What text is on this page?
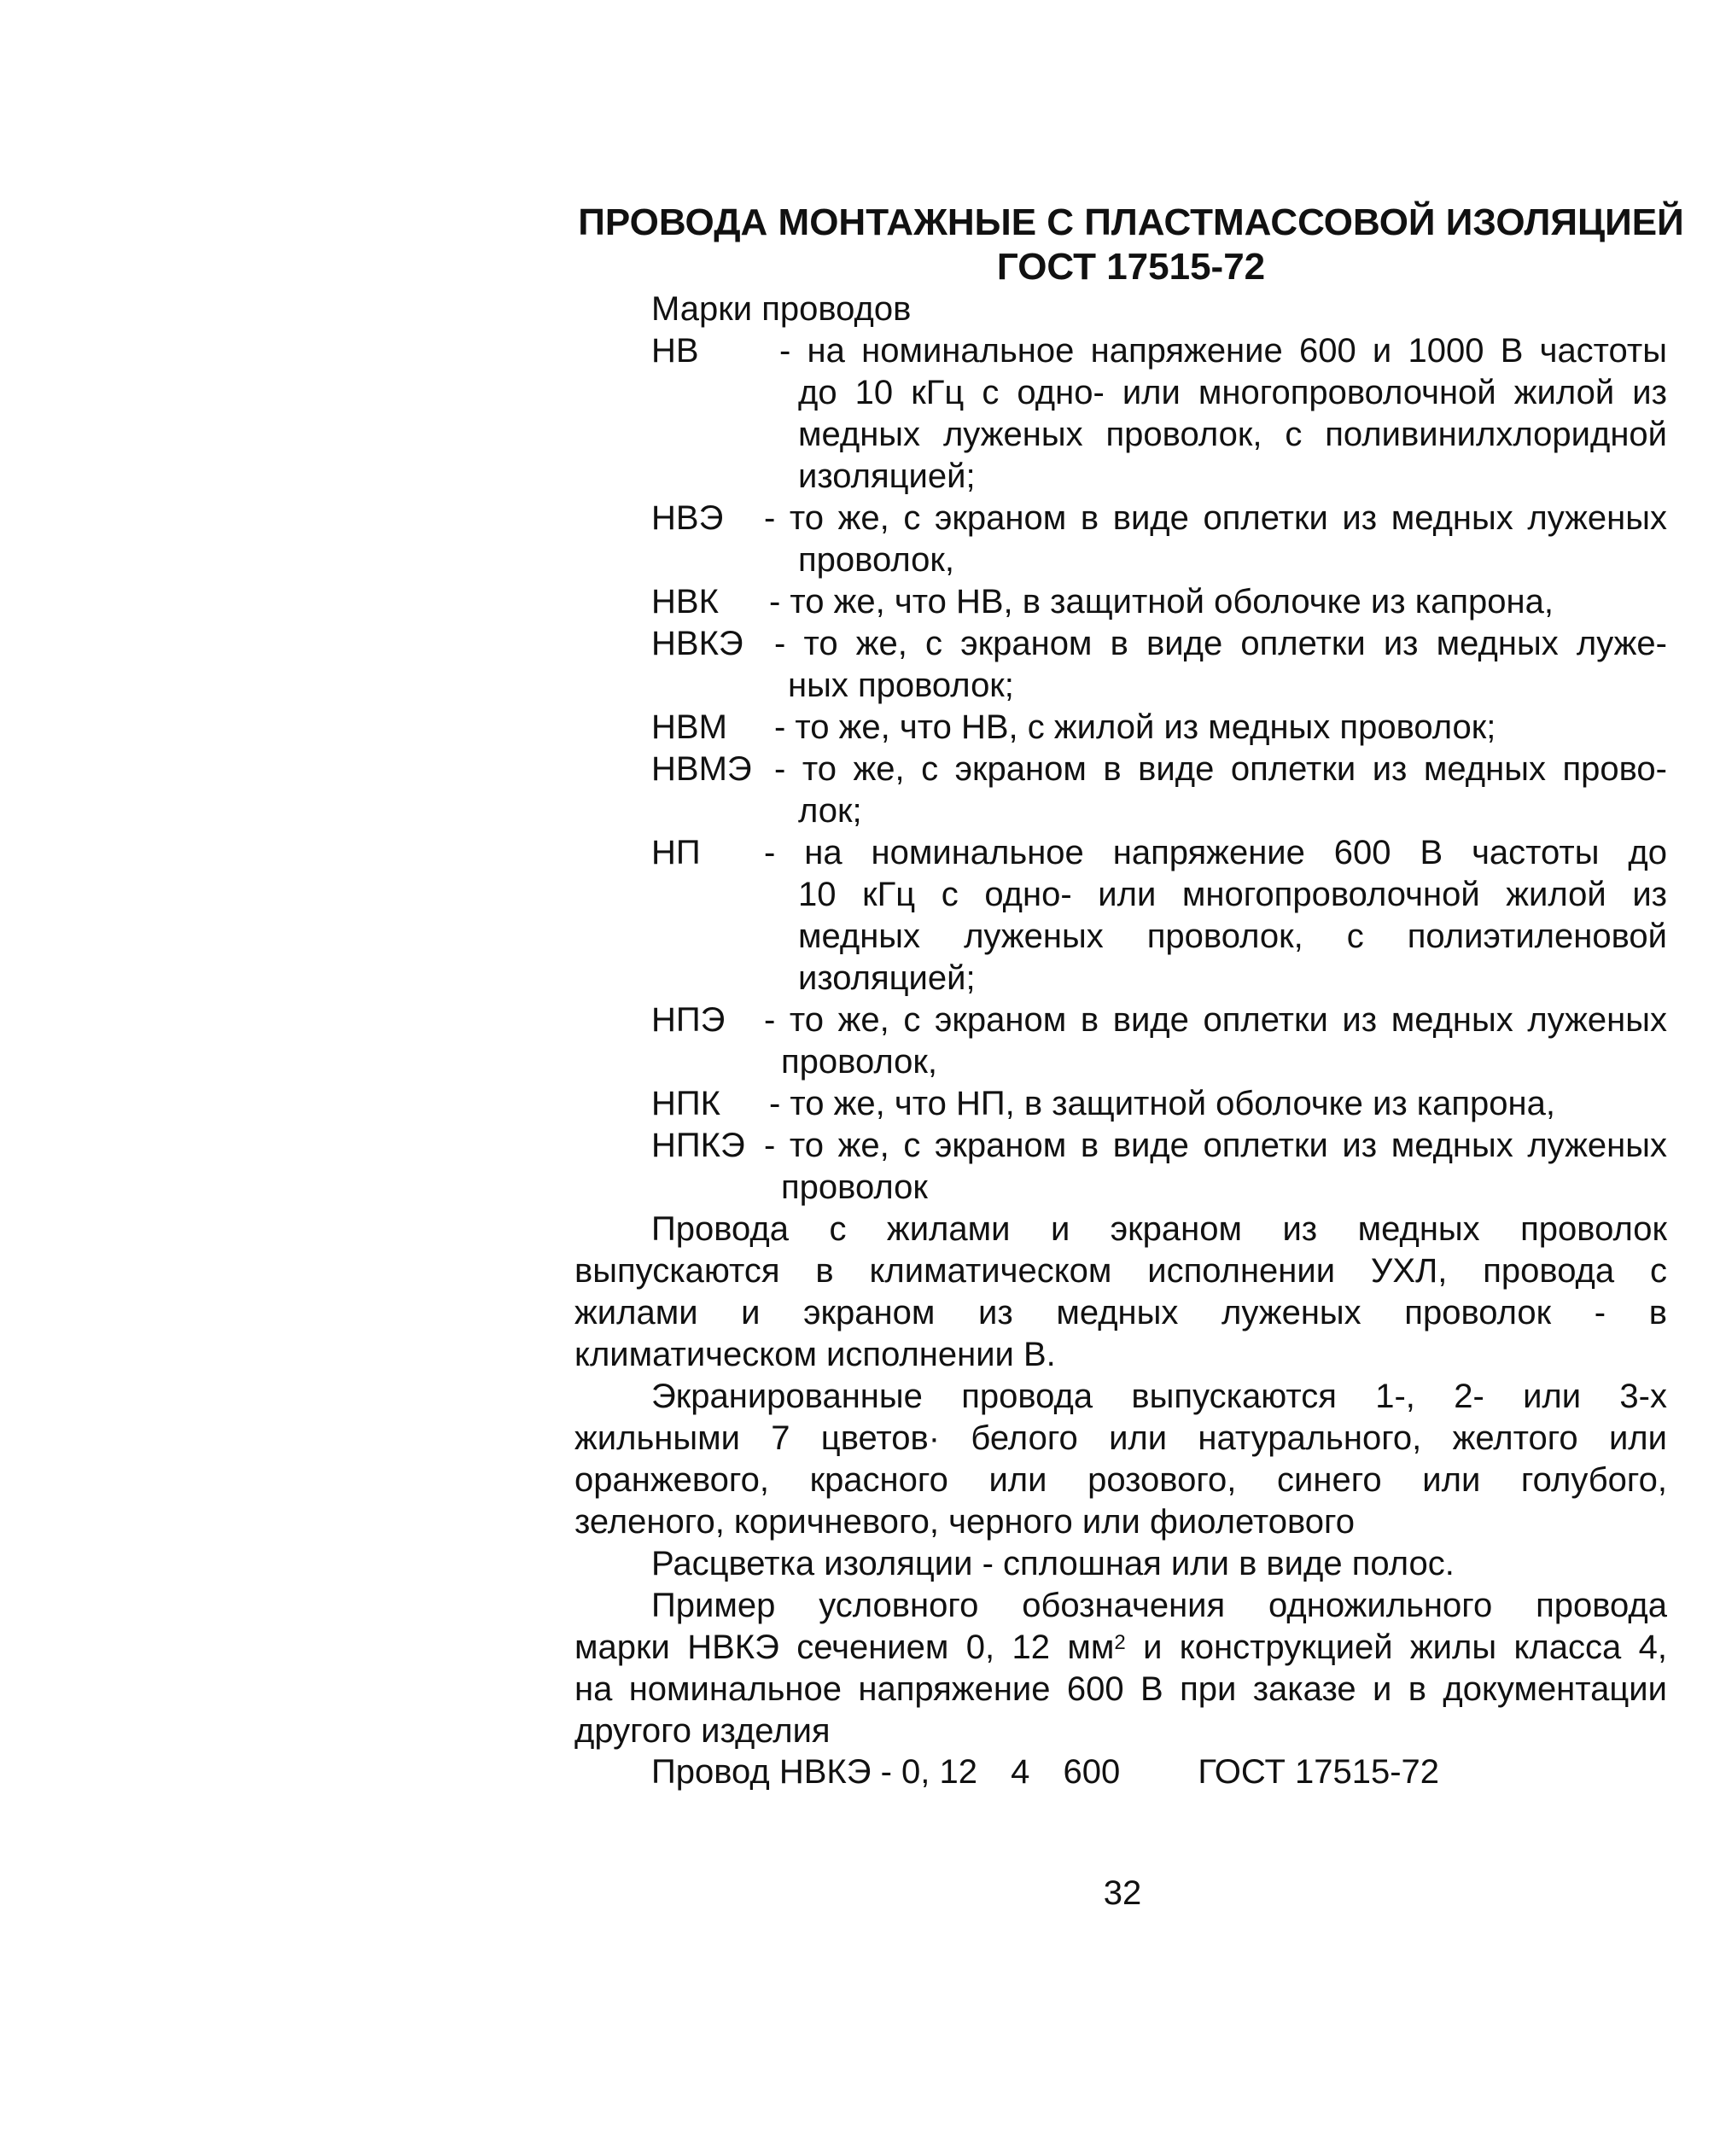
ПРОВОДА МОНТАЖНЫЕ С ПЛАСТМАССОВОЙ ИЗОЛЯЦИЕЙ
ГОСТ 17515-72
Марки проводов
НВ	- на номинальное напряжение 600 и 1000 В частоты
до 10 кГц с одно- или многопроволочной жилой из
медных луженых проволок, с поливинилхлоридной
изоляцией;
НВЭ - то же, с экраном в виде оплетки из медных луженых
проволок,
НВК - то же, что НВ, в защитной оболочке из капрона,
НВКЭ - то же, с экраном в виде оплетки из медных луже-
ных проволок;
НВМ	- то же, что НВ, с жилой из медных проволок;
НВМЭ - то же, с экраном в виде оплетки из медных прово-
лок;
НП - на номинальное напряжение 600 В частоты до
10 кГц с одно- или многопроволочной жилой из
медных луженых проволок, с полиэтиленовой
изоляцией;
НПЭ - то же, с экраном в виде оплетки из медных луженых
проволок,
НПК - то же, что НП, в защитной оболочке из капрона,
НПКЭ - то же, с экраном в виде оплетки из медных луженых
проволок
Провода с жилами и экраном из медных проволок
выпускаются в климатическом исполнении УХЛ, провода с
жилами и экраном из медных луженых проволок - в
климатическом исполнении В.
Экранированные провода выпускаются 1-, 2- или 3-х
жильными 7 цветов· белого или натурального, желтого или
оранжевого, красного или розового, синего или голубого,
зеленого, коричневого, черного или фиолетового
Расцветка изоляции - сплошная или в виде полос.
Пример условного обозначения одножильного провода
марки НВКЭ сечением 0, 12 $мм^2$ и конструкцией жилы класса 4,
на номинальное напряжение 600 В при заказе и в документации
другого изделия
Провод НВКЭ - 0, 12 4 600 ГОСТ 17515-72
32
